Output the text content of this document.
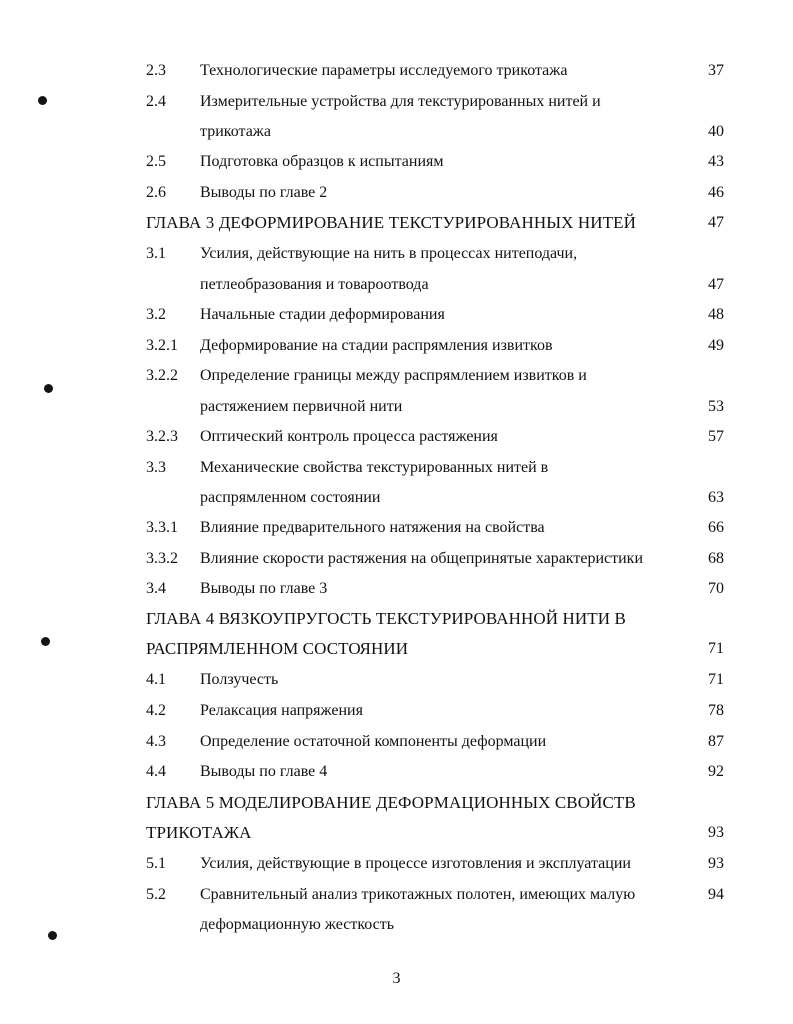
2.3 Технологические параметры исследуемого трикотажа	37
2.4 Измерительные устройства для текстурированных нитей и
трикотажа	40
2.5 Подготовка образцов к испытаниям	43
2.6 Выводы по главе 2	46
ГЛАВА 3 ДЕФОРМИРОВАНИЕ ТЕКСТУРИРОВАННЫХ НИТЕЙ	47
3.1 Усилия, действующие на нить в процессах нитеподачи,
петлеобразования и товароотвода	47
3.2 Начальные стадии деформирования	48
3.2.1 Деформирование на стадии распрямления извитков	49
3.2.2 Определение границы между распрямлением извитков и
растяжением первичной нити	53
3.2.3 Оптический контроль процесса растяжения	57
3.3 Механические свойства текстурированных нитей в
распрямленном состоянии	63
3.3.1 Влияние предварительного натяжения на свойства	66
3.3.2 Влияние скорости растяжения на общепринятые характеристики	68
3.4 Выводы по главе 3	70
ГЛАВА 4 ВЯЗКОУПРУГОСТЬ ТЕКСТУРИРОВАННОЙ НИТИ В
РАСПРЯМЛЕННОМ СОСТОЯНИИ	71
4.1 Ползучесть	71
4.2 Релаксация напряжения	78
4.3 Определение остаточной компоненты деформации	87
4.4 Выводы по главе 4	92
ГЛАВА 5 МОДЕЛИРОВАНИЕ ДЕФОРМАЦИОННЫХ СВОЙСТВ
ТРИКОТАЖА	93
5.1 Усилия, действующие в процессе изготовления и эксплуатации	93
5.2 Сравнительный анализ трикотажных полотен, имеющих малую	94
деформационную жесткость
3
